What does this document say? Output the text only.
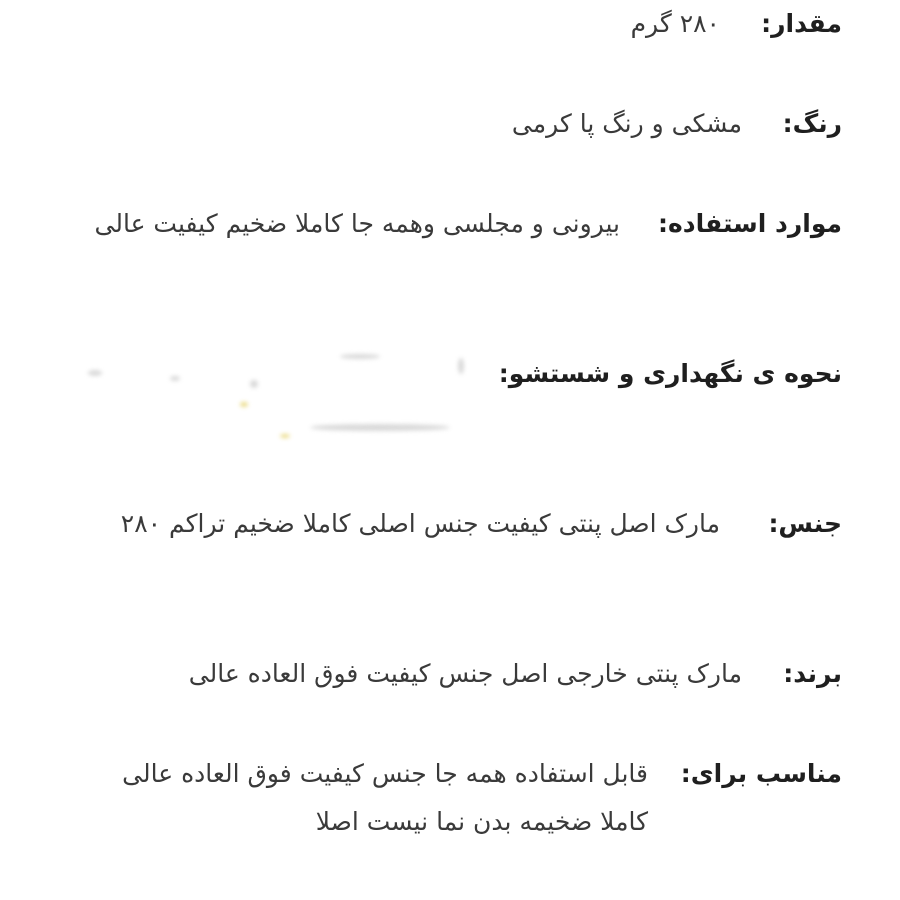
مقدار:
۲۸۰ گرم
رنگ:
مشکی و رنگ پا کرمی
موارد استفاده:
بیرونی و مجلسی وهمه جا کاملا ضخیم کیفیت عالی
نحوه ی نگهداری و شستشو:
جنس:
مارک اصل پنتی کیفیت جنس اصلی کاملا ضخیم تراکم ۲۸۰
برند:
مارک پنتی خارجی اصل جنس کیفیت فوق العاده عالی
مناسب برای:
قابل استفاده همه جا جنس کیفیت فوق العاده عالی کاملا ضخیمه بدن نما نیست اصلا
